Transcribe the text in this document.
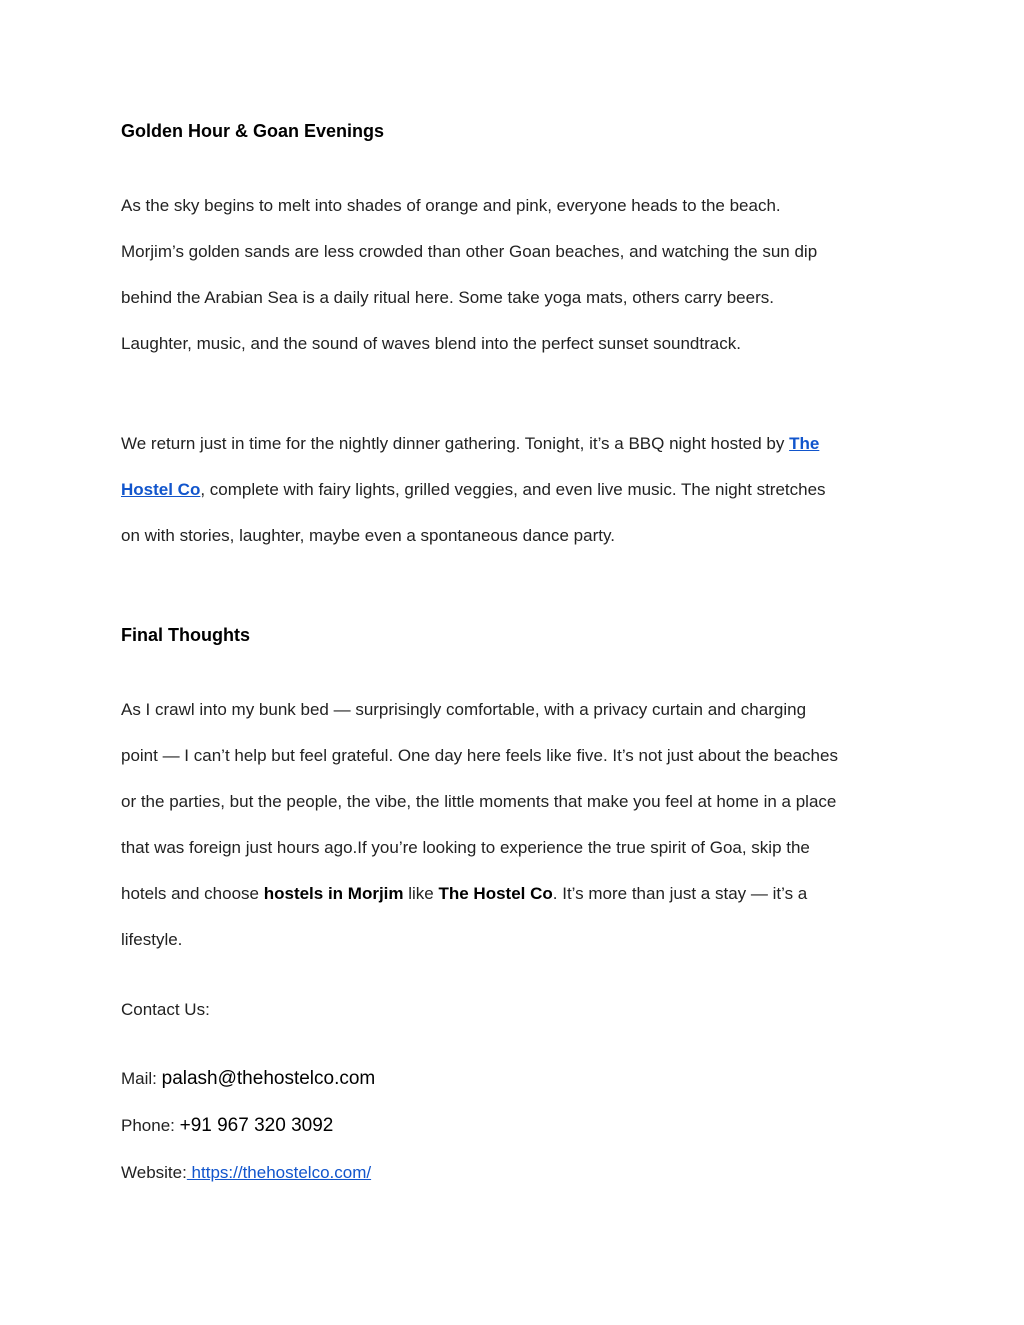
Golden Hour & Goan Evenings

As the sky begins to melt into shades of orange and pink, everyone heads to the beach.

Morjim’s golden sands are less crowded than other Goan beaches, and watching the sun dip

behind the Arabian Sea is a daily ritual here. Some take yoga mats, others carry beers.

Laughter, music, and the sound of waves blend into the perfect sunset soundtrack.

We return just in time for the nightly dinner gathering. Tonight, it’s a BBQ night hosted by The

Hostel Co, complete with fairy lights, grilled veggies, and even live music. The night stretches

on with stories, laughter, maybe even a spontaneous dance party.

Final Thoughts

As I crawl into my bunk bed — surprisingly comfortable, with a privacy curtain and charging

point — I can’t help but feel grateful. One day here feels like five. It’s not just about the beaches

or the parties, but the people, the vibe, the little moments that make you feel at home in a place

that was foreign just hours ago.If you’re looking to experience the true spirit of Goa, skip the

hotels and choose hostels in Morjim like The Hostel Co. It’s more than just a stay — it’s a

lifestyle.

Contact Us:

Mail: palash@thehostelco.com

Phone: +91 967 320 3092

Website: https://thehostelco.com/
